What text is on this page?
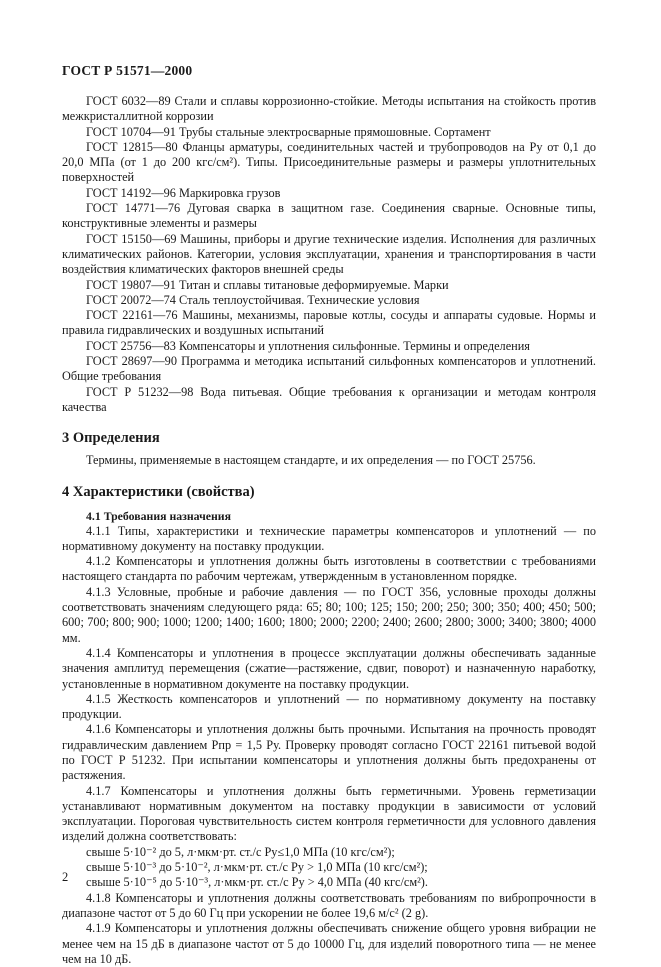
ГОСТ Р 51571—2000

ГОСТ 6032—89 Стали и сплавы коррозионно-стойкие. Методы испытания на стойкость против межкристаллитной коррозии

ГОСТ 10704—91 Трубы стальные электросварные прямошовные. Сортамент

ГОСТ 12815—80 Фланцы арматуры, соединительных частей и трубопроводов на Pу от 0,1 до 20,0 МПа (от 1 до 200 кгс/см²). Типы. Присоединительные размеры и размеры уплотнительных поверхностей

ГОСТ 14192—96 Маркировка грузов

ГОСТ 14771—76 Дуговая сварка в защитном газе. Соединения сварные. Основные типы, конструктивные элементы и размеры

ГОСТ 15150—69 Машины, приборы и другие технические изделия. Исполнения для различных климатических районов. Категории, условия эксплуатации, хранения и транспортирования в части воздействия климатических факторов внешней среды

ГОСТ 19807—91 Титан и сплавы титановые деформируемые. Марки

ГОСТ 20072—74 Сталь теплоустойчивая. Технические условия

ГОСТ 22161—76 Машины, механизмы, паровые котлы, сосуды и аппараты судовые. Нормы и правила гидравлических и воздушных испытаний

ГОСТ 25756—83 Компенсаторы и уплотнения сильфонные. Термины и определения

ГОСТ 28697—90 Программа и методика испытаний сильфонных компенсаторов и уплотнений. Общие требования

ГОСТ Р 51232—98 Вода питьевая. Общие требования к организации и методам контроля качества

3 Определения

Термины, применяемые в настоящем стандарте, и их определения — по ГОСТ 25756.

4 Характеристики (свойства)
4.1 Требования назначения

4.1.1 Типы, характеристики и технические параметры компенсаторов и уплотнений — по нормативному документу на поставку продукции.

4.1.2 Компенсаторы и уплотнения должны быть изготовлены в соответствии с требованиями настоящего стандарта по рабочим чертежам, утвержденным в установленном порядке.

4.1.3 Условные, пробные и рабочие давления — по ГОСТ 356, условные проходы должны соответствовать значениям следующего ряда: 65; 80; 100; 125; 150; 200; 250; 300; 350; 400; 450; 500; 600; 700; 800; 900; 1000; 1200; 1400; 1600; 1800; 2000; 2200; 2400; 2600; 2800; 3000; 3400; 3800; 4000 мм.

4.1.4 Компенсаторы и уплотнения в процессе эксплуатации должны обеспечивать заданные значения амплитуд перемещения (сжатие—растяжение, сдвиг, поворот) и назначенную наработку, установленные в нормативном документе на поставку продукции.

4.1.5 Жесткость компенсаторов и уплотнений — по нормативному документу на поставку продукции.

4.1.6 Компенсаторы и уплотнения должны быть прочными. Испытания на прочность проводят гидравлическим давлением Pпр = 1,5 Pу. Проверку проводят согласно ГОСТ 22161 питьевой водой по ГОСТ Р 51232. При испытании компенсаторы и уплотнения должны быть предохранены от растяжения.

4.1.7 Компенсаторы и уплотнения должны быть герметичными. Уровень герметизации устанавливают нормативным документом на поставку продукции в зависимости от условий эксплуатации. Пороговая чувствительность систем контроля герметичности для условного давления изделий должна соответствовать:

свыше 5·10⁻² до 5, л·мкм·рт. ст./с Pу≤1,0 МПа (10 кгс/см²);

свыше 5·10⁻³ до 5·10⁻², л·мкм·рт. ст./с Pу > 1,0 МПа (10 кгс/см²);

свыше 5·10⁻⁵ до 5·10⁻³, л·мкм·рт. ст./с Pу > 4,0 МПа (40 кгс/см²).

4.1.8 Компенсаторы и уплотнения должны соответствовать требованиям по вибропрочности в диапазоне частот от 5 до 60 Гц при ускорении не более 19,6 м/с² (2 g).

4.1.9 Компенсаторы и уплотнения должны обеспечивать снижение общего уровня вибрации не менее чем на 15 дБ в диапазоне частот от 5 до 10000 Гц, для изделий поворотного типа — не менее чем на 10 дБ.

2
